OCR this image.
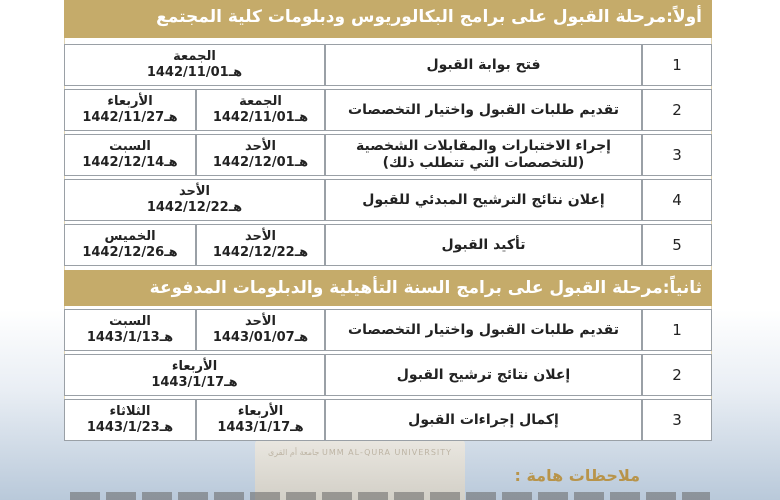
جامعة أم القرى UMM AL-QURA UNIVERSITY
أولاً:مرحلة القبول على برامج البكالوريوس ودبلومات كلية المجتمع
ثانياً:مرحلة القبول على برامج السنة التأهيلية والدبلومات المدفوعة
ملاحظات هامة :
1
فتح بوابة القبول
الجمعة
1442/11/01هـ
2
تقديم طلبات القبول واختيار التخصصات
الجمعة
1442/11/01هـ
الأربعاء
1442/11/27هـ
3
إجراء الاختبارات والمقابلات الشخصية (للتخصصات التي تتطلب ذلك)
الأحد
1442/12/01هـ
السبت
1442/12/14هـ
4
إعلان نتائج الترشيح المبدئي للقبول
الأحد
1442/12/22هـ
5
تأكيد القبول
الأحد
1442/12/22هـ
الخميس
1442/12/26هـ
1
تقديم طلبات القبول واختيار التخصصات
الأحد
1443/01/07هـ
السبت
1443/1/13هـ
2
إعلان نتائج ترشيح القبول
الأربعاء
1443/1/17هـ
3
إكمال إجراءات القبول
الأربعاء
1443/1/17هـ
الثلاثاء
1443/1/23هـ
